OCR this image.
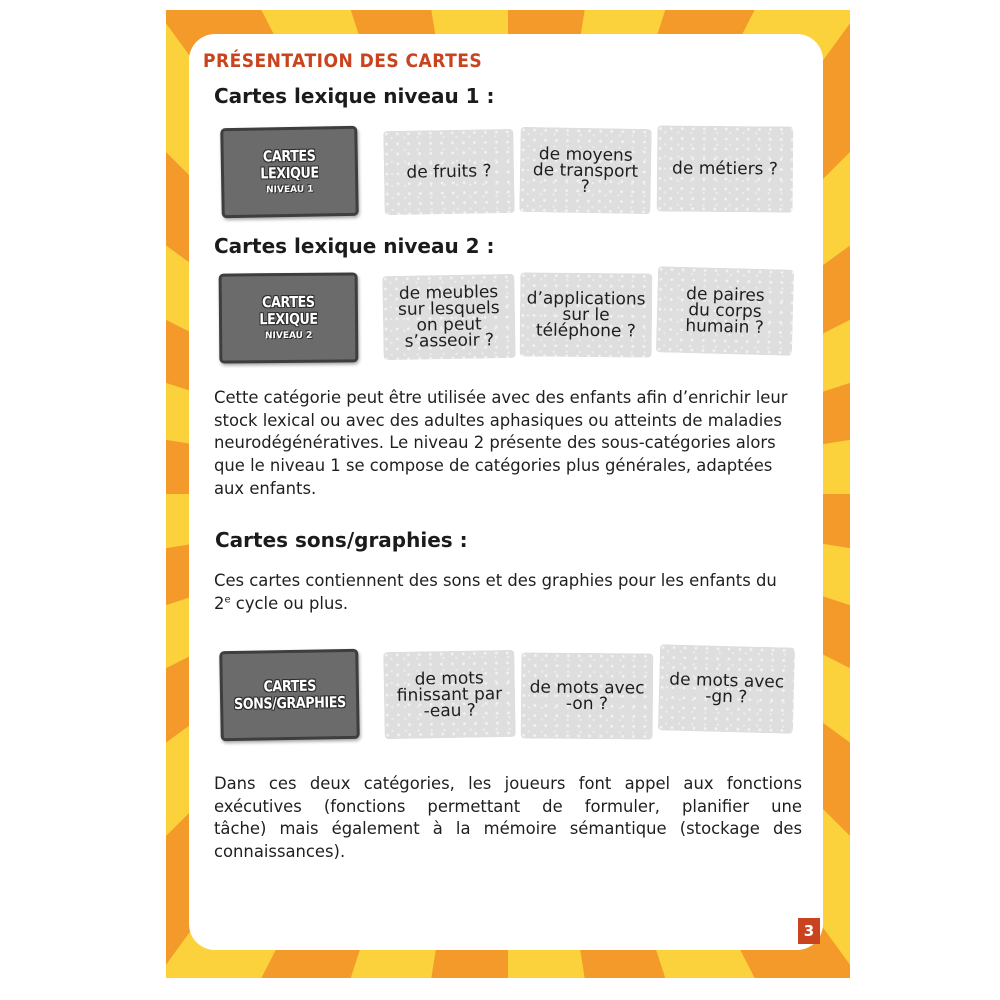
PRÉSENTATION DES CARTES
Cartes lexique niveau 1 :
CARTES LEXIQUE
NIVEAU 1
de fruits ?
de moyens
de transport
?
de métiers ?
Cartes lexique niveau 2 :
CARTES LEXIQUE
NIVEAU 2
de meubles
sur lesquels
on peut
s’asseoir ?
d’applications
sur le
téléphone ?
de paires
du corps
humain ?
Cette catégorie peut être utilisée avec des enfants afin d’enrichir leur
stock lexical ou avec des adultes aphasiques ou atteints de maladies
neurodégénératives. Le niveau 2 présente des sous-catégories alors
que le niveau 1 se compose de catégories plus générales, adaptées
aux enfants.
Cartes sons/graphies :
Ces cartes contiennent des sons et des graphies pour les enfants du
2e cycle ou plus.
CARTES
SONS/GRAPHIES
de mots
finissant par
-eau ?
de mots avec
-on ?
de mots avec
-gn ?
Dans ces deux catégories, les joueurs font appel aux fonctions
exécutives (fonctions permettant de formuler, planifier une
tâche) mais également à la mémoire sémantique (stockage des
connaissances).
3
